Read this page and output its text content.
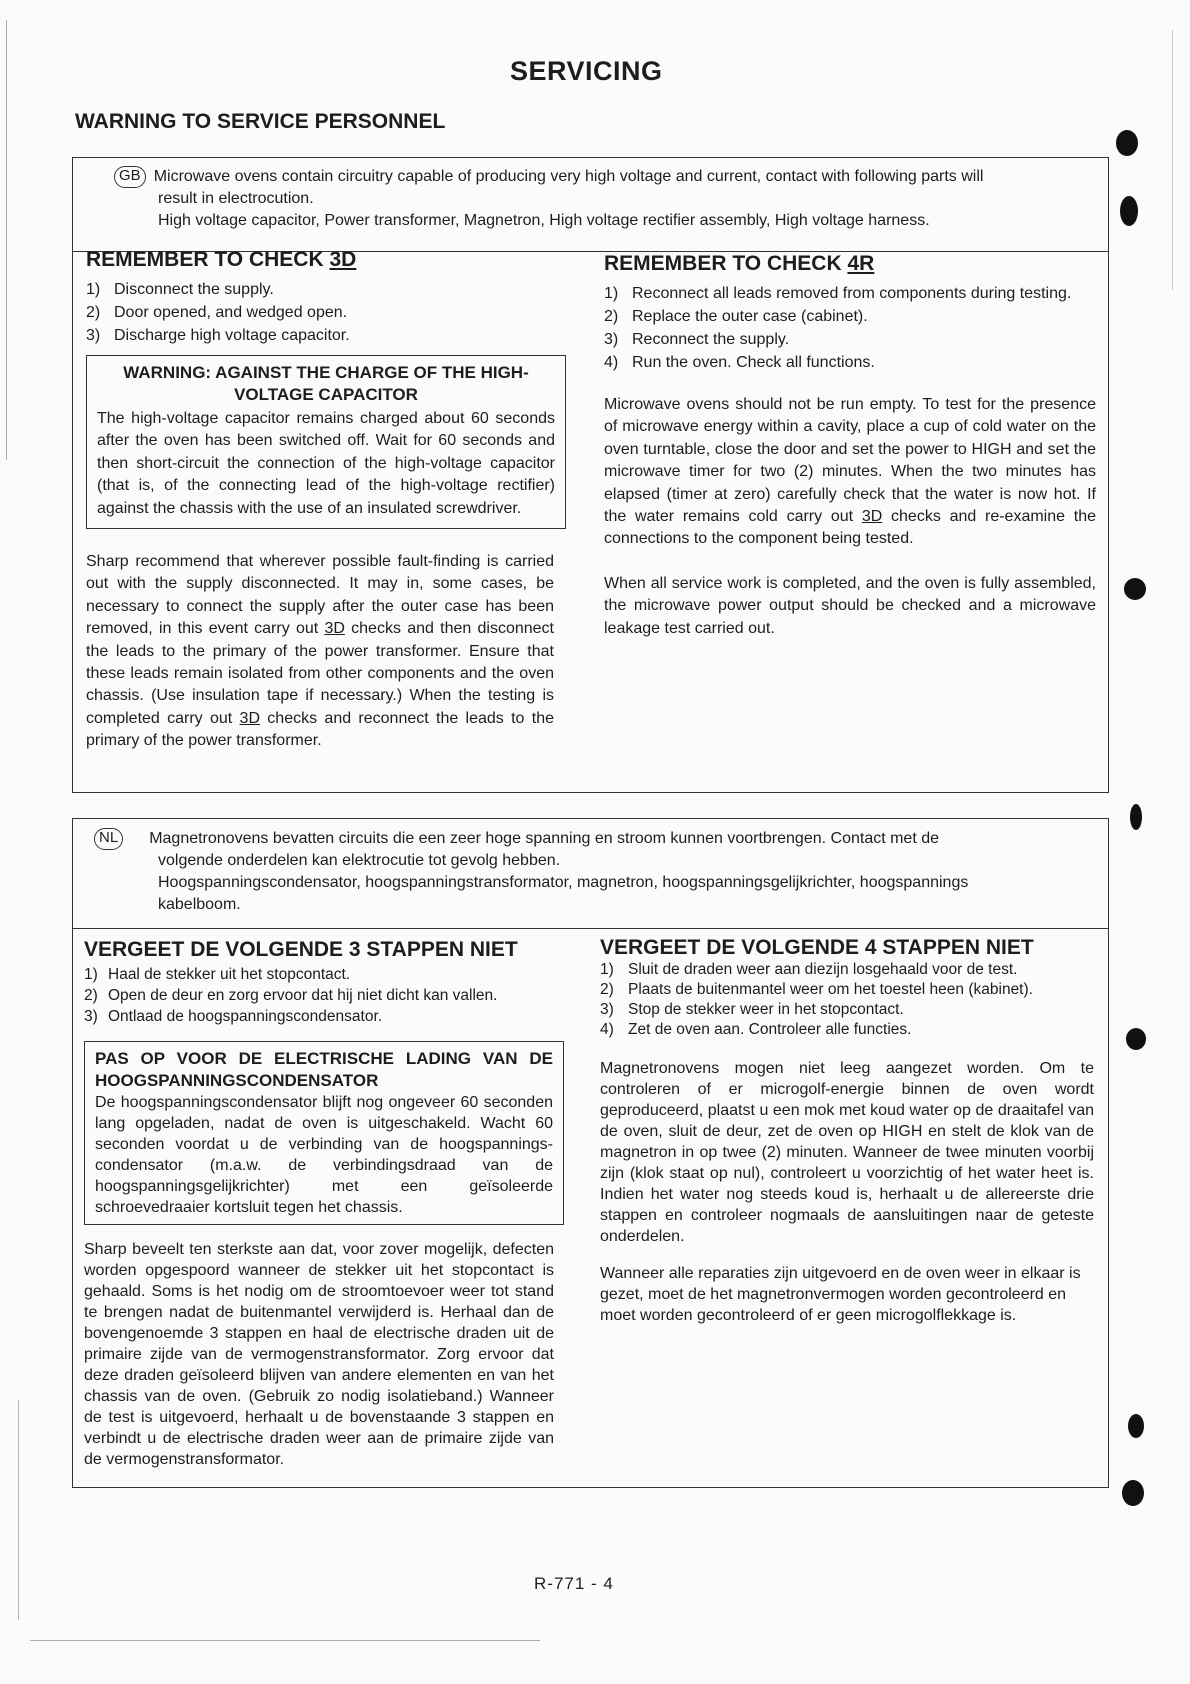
SERVICING
WARNING TO SERVICE PERSONNEL
GB Microwave ovens contain circuitry capable of producing very high voltage and current, contact with following parts will
result in electrocution.
High voltage capacitor, Power transformer, Magnetron, High voltage rectifier assembly, High voltage harness.
REMEMBER TO CHECK 3D
1) Disconnect the supply.
2) Door opened, and wedged open.
3) Discharge high voltage capacitor.
WARNING: AGAINST THE CHARGE OF THE HIGH-
VOLTAGE CAPACITOR

The high-voltage capacitor remains charged about 60 seconds after the oven has been switched off. Wait for 60 seconds and then short-circuit the connection of the high-voltage capacitor (that is, of the connecting lead of the high-voltage rectifier) against the chassis with the use of an insulated screwdriver.

Sharp recommend that wherever possible fault-finding is carried out with the supply disconnected. It may in, some cases, be necessary to connect the supply after the outer case has been removed, in this event carry out 3D checks and then disconnect the leads to the primary of the power transformer. Ensure that these leads remain isolated from other components and the oven chassis. (Use insulation tape if necessary.) When the testing is completed carry out 3D checks and reconnect the leads to the primary of the power transformer.

REMEMBER TO CHECK 4R
1) Reconnect all leads removed from components during testing.
2) Replace the outer case (cabinet).
3) Reconnect the supply.
4) Run the oven. Check all functions.

Microwave ovens should not be run empty. To test for the presence of microwave energy within a cavity, place a cup of cold water on the oven turntable, close the door and set the power to HIGH and set the microwave timer for two (2) minutes. When the two minutes has elapsed (timer at zero) carefully check that the water is now hot. If the water remains cold carry out 3D checks and re-examine the connections to the component being tested.

When all service work is completed, and the oven is fully assembled, the microwave power output should be checked and a microwave leakage test carried out.

NL	Magnetronovens bevatten circuits die een zeer hoge spanning en stroom kunnen voortbrengen. Contact met de
volgende onderdelen kan elektrocutie tot gevolg hebben.
Hoogspanningscondensator, hoogspanningstransformator, magnetron, hoogspanningsgelijkrichter, hoogspannings
kabelboom.
VERGEET DE VOLGENDE 3 STAPPEN NIET
1) Haal de stekker uit het stopcontact.
2) Open de deur en zorg ervoor dat hij niet dicht kan vallen.
3) Ontlaad de hoogspanningscondensator.
PAS OP VOOR DE ELECTRISCHE LADING VAN DE
HOOGSPANNINGSCONDENSATOR

De hoogspanningscondensator blijft nog ongeveer 60 seconden lang opgeladen, nadat de oven is uitgeschakeld. Wacht 60 seconden voordat u de verbinding van de hoogspannings-condensator (m.a.w. de verbindingsdraad van de hoogspanningsgelijkrichter) met een geïsoleerde schroevedraaier kortsluit tegen het chassis.

Sharp beveelt ten sterkste aan dat, voor zover mogelijk, defecten worden opgespoord wanneer de stekker uit het stopcontact is gehaald. Soms is het nodig om de stroomtoevoer weer tot stand te brengen nadat de buitenmantel verwijderd is. Herhaal dan de bovengenoemde 3 stappen en haal de electrische draden uit de primaire zijde van de vermogenstransformator. Zorg ervoor dat deze draden geïsoleerd blijven van andere elementen en van het chassis van de oven. (Gebruik zo nodig isolatieband.) Wanneer de test is uitgevoerd, herhaalt u de bovenstaande 3 stappen en verbindt u de electrische draden weer aan de primaire zijde van de vermogenstransformator.

VERGEET DE VOLGENDE 4 STAPPEN NIET
1) Sluit de draden weer aan diezijn losgehaald voor de test.
2) Plaats de buitenmantel weer om het toestel heen (kabinet).
3) Stop de stekker weer in het stopcontact.
4) Zet de oven aan. Controleer alle functies.

Magnetronovens mogen niet leeg aangezet worden. Om te controleren of er microgolf-energie binnen de oven wordt geproduceerd, plaatst u een mok met koud water op de draaitafel van de oven, sluit de deur, zet de oven op HIGH en stelt de klok van de magnetron in op twee (2) minuten. Wanneer de twee minuten voorbij zijn (klok staat op nul), controleert u voorzichtig of het water heet is. Indien het water nog steeds koud is, herhaalt u de allereerste drie stappen en controleer nogmaals de aansluitingen naar de geteste onderdelen.

Wanneer alle reparaties zijn uitgevoerd en de oven weer in elkaar is gezet, moet de het magnetronvermogen worden gecontroleerd en moet worden gecontroleerd of er geen microgolflekkage is.

R-771 - 4
